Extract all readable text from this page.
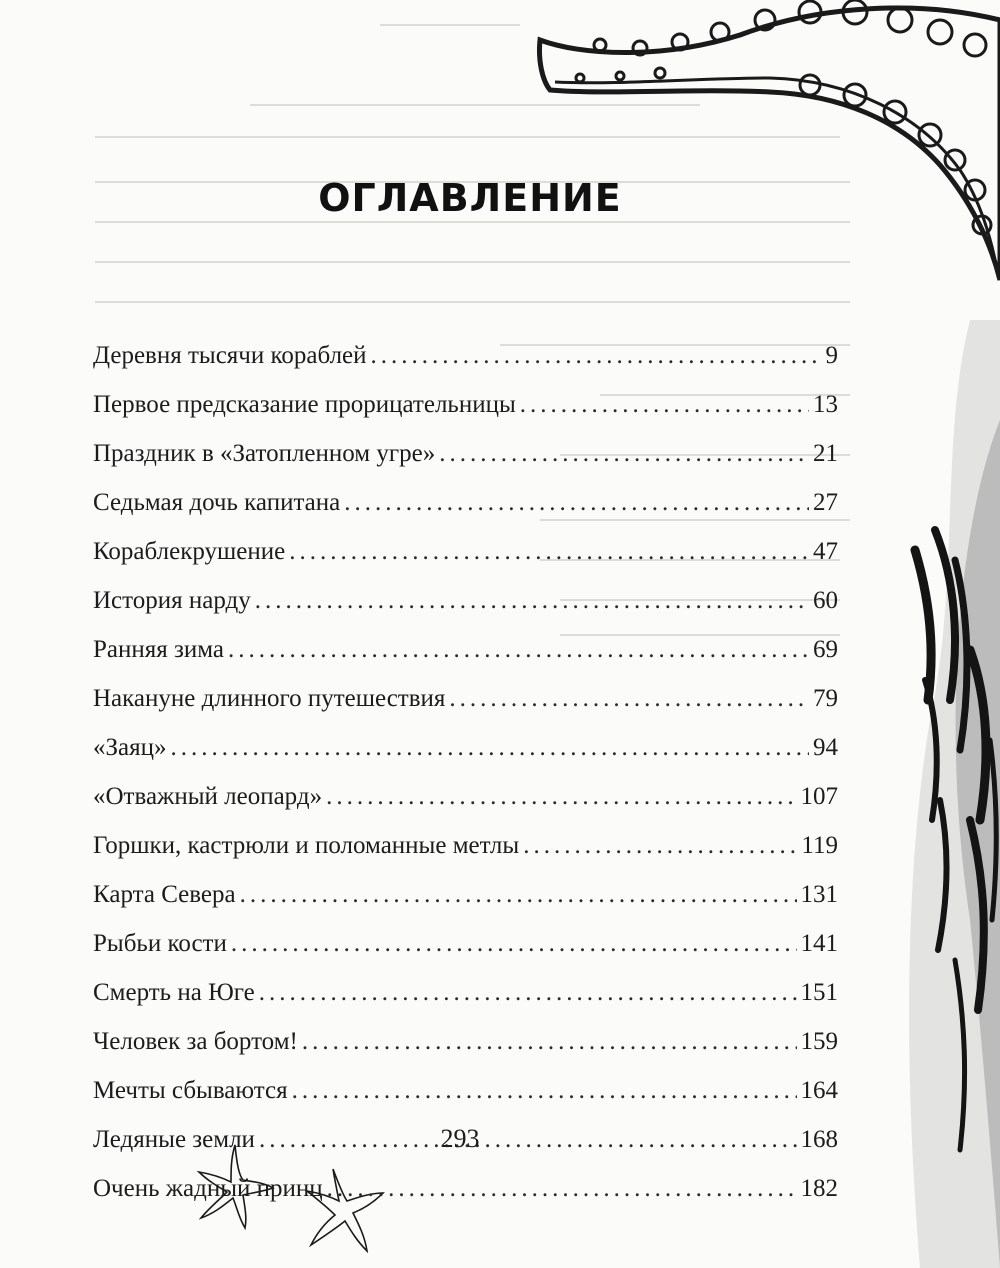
ОГЛАВЛЕНИЕ
Деревня тысячи кораблей .....	9
Первое предсказание прорицательницы .....	13
Праздник в «Затопленном угре» .....	21
Седьмая дочь капитана .....	27
Кораблекрушение .....	47
История нарду .....	60
Ранняя зима .....	69
Накануне длинного путешествия .....	79
«Заяц» .....	94
«Отважный леопард» .....	107
Горшки, кастрюли и поломанные метлы .....	119
Карта Севера .....	131
Рыбьи кости .....	141
Смерть на Юге .....	151
Человек за бортом! .....	159
Мечты сбываются .....	164
Ледяные земли .....	168
Очень жадный принц .....	182
293
